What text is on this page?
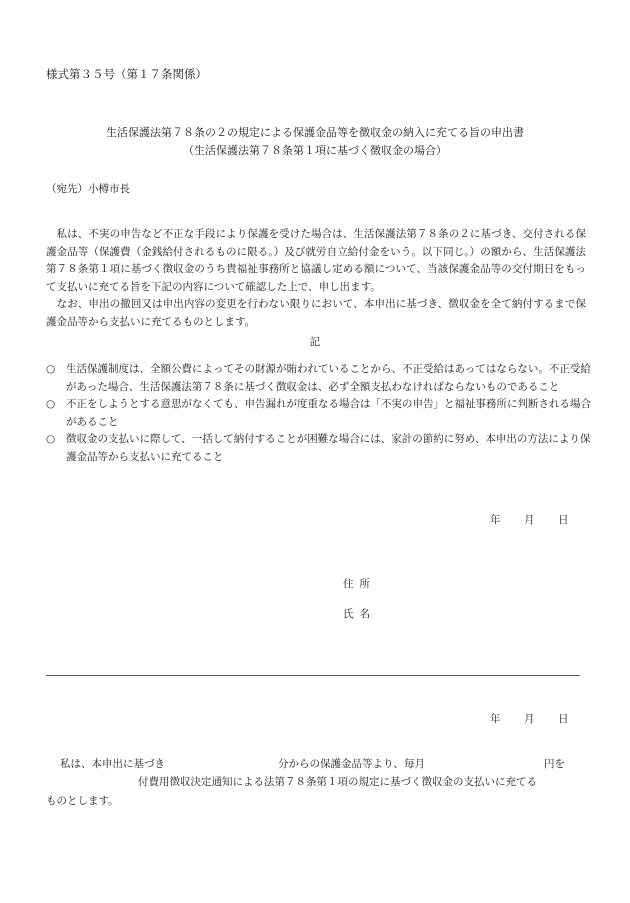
様式第３５号（第１７条関係）
生活保護法第７８条の２の規定による保護金品等を徴収金の納入に充てる旨の申出書
（生活保護法第７８条第１項に基づく徴収金の場合）
（宛先）小樽市長

　私は、不実の申告など不正な手段により保護を受けた場合は、生活保護法第７８条の２に基づき、交付される保護金品等（保護費（金銭給付されるものに限る。）及び就労自立給付金をいう。以下同じ。）の額から、生活保護法第７８条第１項に基づく徴収金のうち貴福祉事務所と協議し定める額について、当該保護金品等の交付期日をもって支払いに充てる旨を下記の内容について確認した上で、申し出ます。

　なお、申出の撤回又は申出内容の変更を行わない限りにおいて、本申出に基づき、徴収金を全て納付するまで保護金品等から支払いに充てるものとします。

記
○ 生活保護制度は、全額公費によってその財源が賄われていることから、不正受給はあってはならない。不正受給があった場合、生活保護法第７８条に基づく徴収金は、必ず全額支払わなければならないものであること
○ 不正をしようとする意思がなくても、申告漏れが度重なる場合は「不実の申告」と福祉事務所に判断される場合があること
○ 徴収金の支払いに際して、一括して納付することが困難な場合には、家計の節約に努め、本申出の方法により保護金品等から支払いに充てること
年 月 日
住所
氏名
年 月 日
私は、本申出に基づき	分からの保護金品等より、毎月	円を
付費用徴収決定通知による法第７８条第１項の規定に基づく徴収金の支払いに充てる
ものとします。
